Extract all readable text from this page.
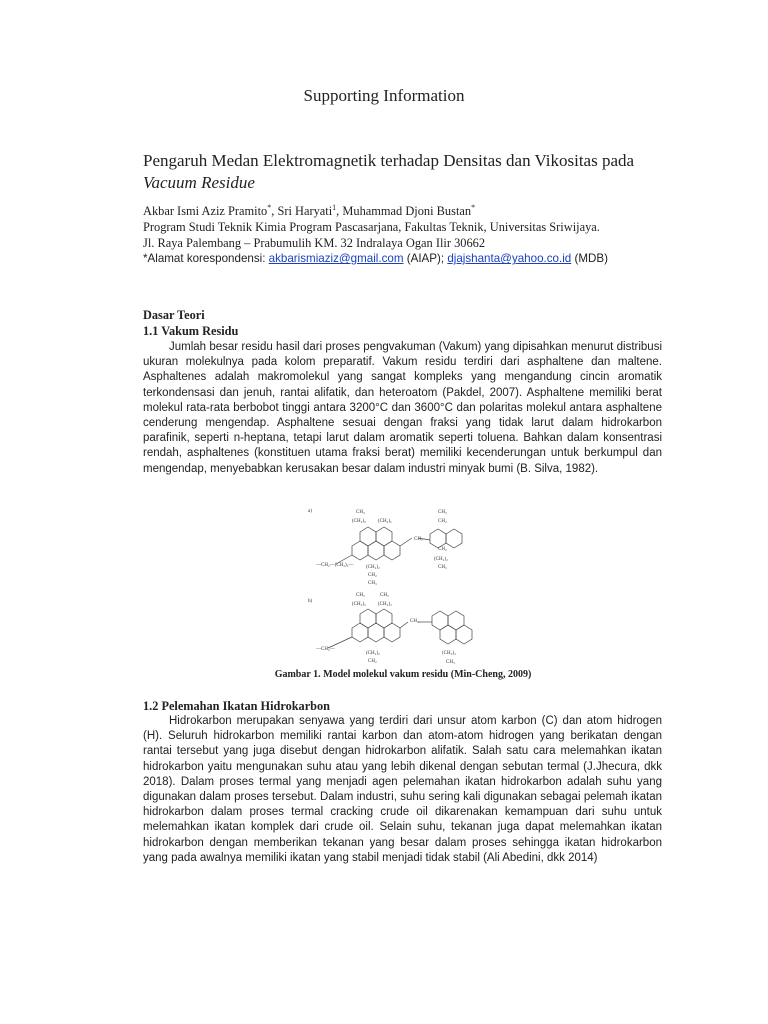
Supporting Information
Pengaruh Medan Elektromagnetik terhadap Densitas dan Vikositas pada Vacuum Residue
Akbar Ismi Aziz Pramito*, Sri Haryati$^1$, Muhammad Djoni Bustan*
Program Studi Teknik Kimia Program Pascasarjana, Fakultas Teknik, Universitas Sriwijaya.
Jl. Raya Palembang – Prabumulih KM. 32 Indralaya Ogan Ilir 30662
*Alamat korespondensi: akbarismiaziz@gmail.com (AIAP); djajshanta@yahoo.co.id (MDB)
Dasar Teori
1.1 Vakum Residu

Jumlah besar residu hasil dari proses pengvakuman (Vakum) yang dipisahkan menurut distribusi ukuran molekulnya pada kolom preparatif. Vakum residu terdiri dari asphaltene dan maltene. Asphaltenes adalah makromolekul yang sangat kompleks yang mengandung cincin aromatik terkondensasi dan jenuh, rantai alifatik, dan heteroatom (Pakdel, 2007). Asphaltene memiliki berat molekul rata-rata berbobot tinggi antara 3200°C dan 3600°C dan polaritas molekul antara asphaltene cenderung mengendap. Asphaltene sesuai dengan fraksi yang tidak larut dalam hidrokarbon parafinik, seperti n-heptana, tetapi larut dalam aromatik seperti toluena. Bahkan dalam konsentrasi rendah, asphaltenes (konstituen utama fraksi berat) memiliki kecenderungan untuk berkumpul dan mengendap, menyebabkan kerusakan besar dalam industri minyak bumi (B. Silva, 1982).

a)
b)
CH₃
(CH₂)₃ (CH₂)₅
CH₃
CH₂
CH₂
CH₂
(CH₂)₂
CH₃
—CH₂—(CH₂)₃—	(CH₂)₂
CH₂
CH₃
CH₃	CH₃
(CH₂)₃ (CH₂)₂
CH₂
—CH₂—
(CH₂)₂
CH₂
(CH₂)₃
CH₃
Gambar 1. Model molekul vakum residu (Min-Cheng, 2009)
1.2 Pelemahan Ikatan Hidrokarbon

Hidrokarbon merupakan senyawa yang terdiri dari unsur atom karbon (C) dan atom hidrogen (H). Seluruh hidrokarbon memiliki rantai karbon dan atom-atom hidrogen yang berikatan dengan rantai tersebut yang juga disebut dengan hidrokarbon alifatik. Salah satu cara melemahkan ikatan hidrokarbon yaitu mengunakan suhu atau yang lebih dikenal dengan sebutan termal (J.Jhecura, dkk 2018). Dalam proses termal yang menjadi agen pelemahan ikatan hidrokarbon adalah suhu yang digunakan dalam proses tersebut. Dalam industri, suhu sering kali digunakan sebagai pelemah ikatan hidrokarbon dalam proses termal cracking crude oil dikarenakan kemampuan dari suhu untuk melemahkan ikatan komplek dari crude oil. Selain suhu, tekanan juga dapat melemahkan ikatan hidrokarbon dengan memberikan tekanan yang besar dalam proses sehingga ikatan hidrokarbon yang pada awalnya memiliki ikatan yang stabil menjadi tidak stabil (Ali Abedini, dkk 2014)
